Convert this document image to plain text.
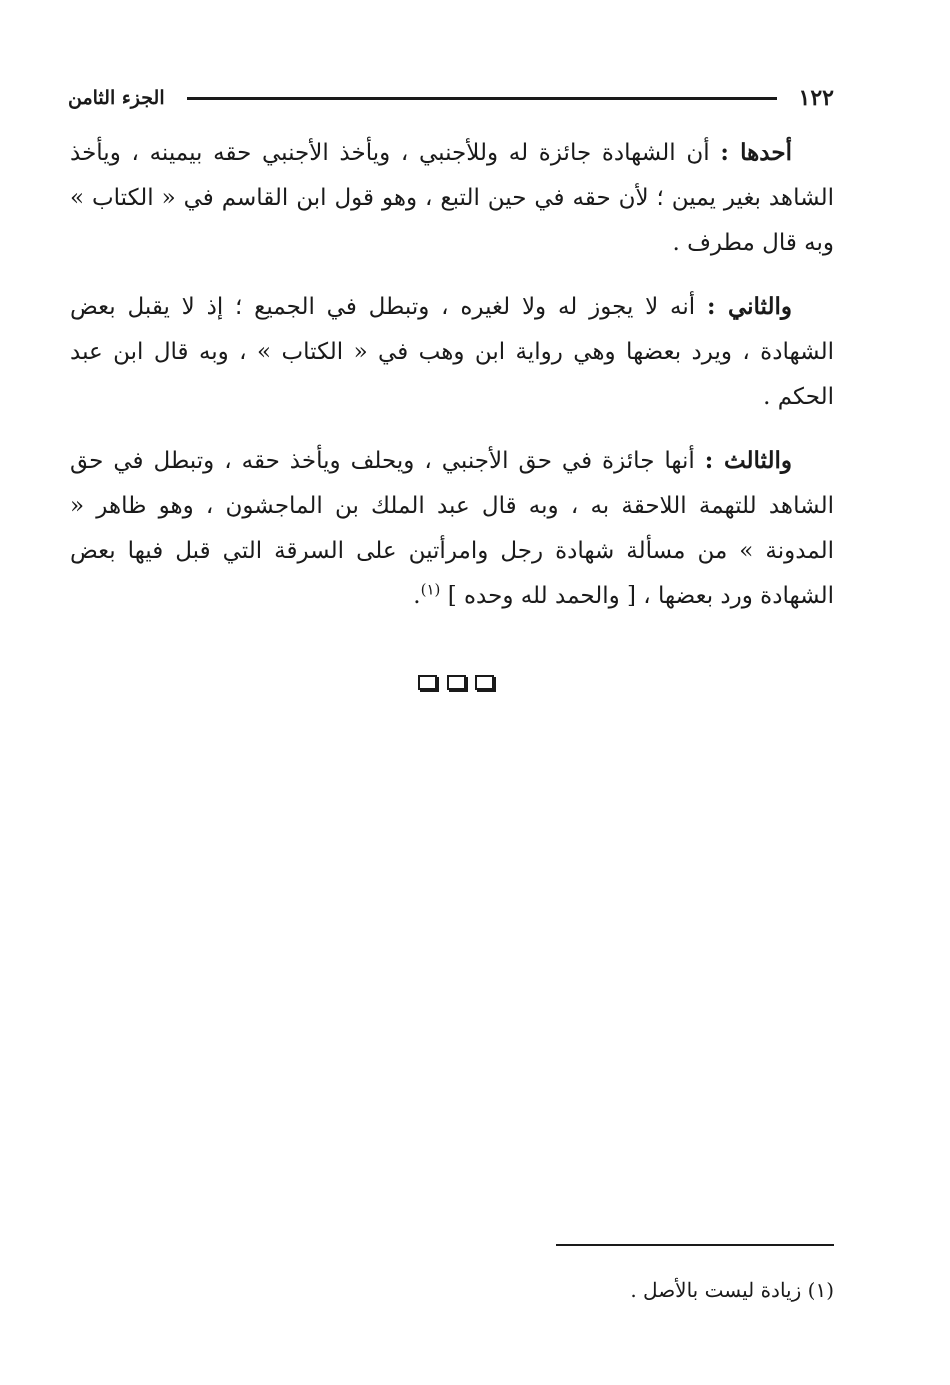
١٢٢
الجزء الثامن

أحدها : أن الشهادة جائزة له وللأجنبي ، ويأخذ الأجنبي حقه بيمينه ، ويأخذ الشاهد بغير يمين ؛ لأن حقه في حين التبع ، وهو قول ابن القاسم في « الكتاب » وبه قال مطرف .

والثاني : أنه لا يجوز له ولا لغيره ، وتبطل في الجميع ؛ إذ لا يقبل بعض الشهادة ، ويرد بعضها وهي رواية ابن وهب في « الكتاب » ، وبه قال ابن عبد الحكم .

والثالث : أنها جائزة في حق الأجنبي ، ويحلف ويأخذ حقه ، وتبطل في حق الشاهد للتهمة اللاحقة به ، وبه قال عبد الملك بن الماجشون ، وهو ظاهر « المدونة » من مسألة شهادة رجل وامرأتين على السرقة التي قبل فيها بعض الشهادة ورد بعضها ، [ والحمد لله وحده ] $^{(١)}$.

(١) زيادة ليست بالأصل .
